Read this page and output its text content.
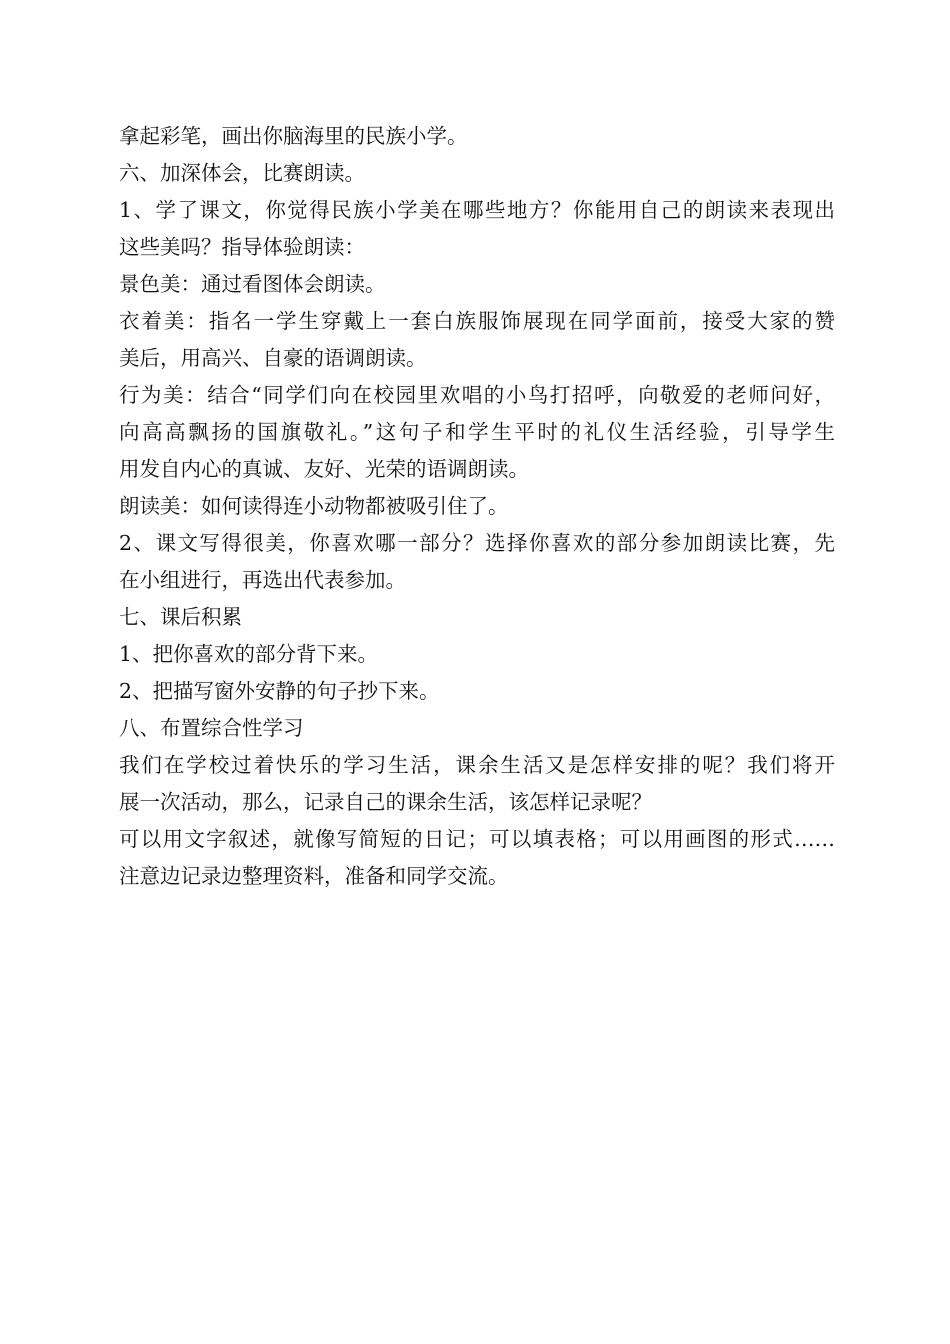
拿起彩笔，画出你脑海里的民族小学。
六、加深体会，比赛朗读。
1、学了课文，你觉得民族小学美在哪些地方？你能用自己的朗读来表现出
这些美吗？指导体验朗读：
景色美：通过看图体会朗读。
衣着美：指名一学生穿戴上一套白族服饰展现在同学面前，接受大家的赞
美后，用高兴、自豪的语调朗读。
行为美：结合“同学们向在校园里欢唱的小鸟打招呼，向敬爱的老师问好，
向高高飘扬的国旗敬礼。”这句子和学生平时的礼仪生活经验，引导学生
用发自内心的真诚、友好、光荣的语调朗读。
朗读美：如何读得连小动物都被吸引住了。
2、课文写得很美，你喜欢哪一部分？选择你喜欢的部分参加朗读比赛，先
在小组进行，再选出代表参加。
七、课后积累
1、把你喜欢的部分背下来。
2、把描写窗外安静的句子抄下来。
八、布置综合性学习
我们在学校过着快乐的学习生活，课余生活又是怎样安排的呢？我们将开
展一次活动，那么，记录自己的课余生活，该怎样记录呢？
可以用文字叙述，就像写简短的日记；可以填表格；可以用画图的形式……
注意边记录边整理资料，准备和同学交流。
